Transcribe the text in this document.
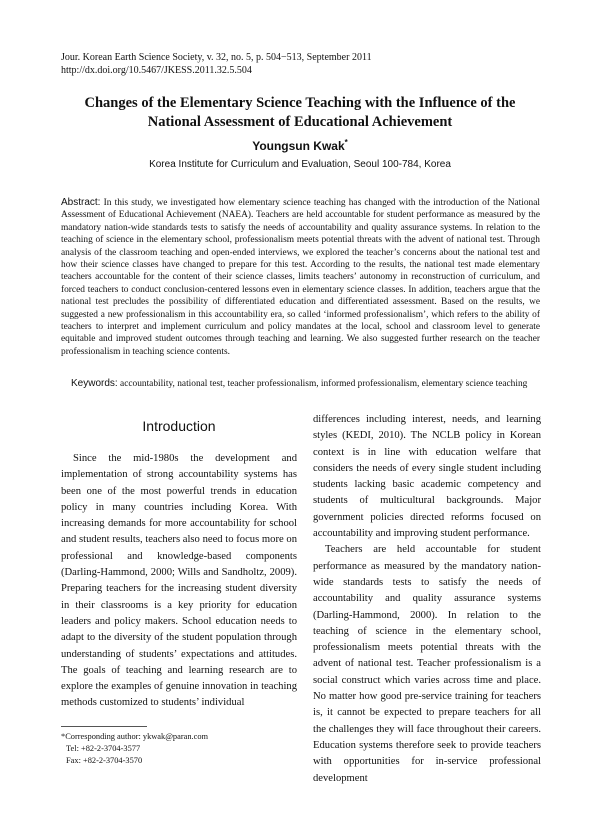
Jour. Korean Earth Science Society, v. 32, no. 5, p. 504−513, September 2011
http://dx.doi.org/10.5467/JKESS.2011.32.5.504
Changes of the Elementary Science Teaching with the Influence of the
National Assessment of Educational Achievement
Youngsun Kwak*
Korea Institute for Curriculum and Evaluation, Seoul 100-784, Korea
Abstract: In this study, we investigated how elementary science teaching has changed with the introduction of the National Assessment of Educational Achievement (NAEA). Teachers are held accountable for student performance as measured by the mandatory nation-wide standards tests to satisfy the needs of accountability and quality assurance systems. In relation to the teaching of science in the elementary school, professionalism meets potential threats with the advent of national test. Through analysis of the classroom teaching and open-ended interviews, we explored the teacher’s concerns about the national test and how their science classes have changed to prepare for this test. According to the results, the national test made elementary teachers accountable for the content of their science classes, limits teachers’ autonomy in reconstruction of curriculum, and forced teachers to conduct conclusion-centered lessons even in elementary science classes. In addition, teachers argue that the national test precludes the possibility of differentiated education and differentiated assessment. Based on the results, we suggested a new professionalism in this accountability era, so called ‘informed professionalism’, which refers to the ability of teachers to interpret and implement curriculum and policy mandates at the local, school and classroom level to generate equitable and improved student outcomes through teaching and learning. We also suggested further research on the teacher professionalism in teaching science contents.
Keywords: accountability, national test, teacher professionalism, informed professionalism, elementary science teaching
Introduction

Since the mid-1980s the development and implementation of strong accountability systems has been one of the most powerful trends in education policy in many countries including Korea. With increasing demands for more accountability for school and student results, teachers also need to focus more on professional and knowledge-based components (Darling-Hammond, 2000; Wills and Sandholtz, 2009). Preparing teachers for the increasing student diversity in their classrooms is a key priority for education leaders and policy makers. School education needs to adapt to the diversity of the student population through understanding of students’ expectations and attitudes. The goals of teaching and learning research are to explore the examples of genuine innovation in teaching methods customized to students’ individual

differences including interest, needs, and learning styles (KEDI, 2010). The NCLB policy in Korean context is in line with education welfare that considers the needs of every single student including students lacking basic academic competency and students of multicultural backgrounds. Major government policies directed reforms focused on accountability and improving student performance.

Teachers are held accountable for student performance as measured by the mandatory nation-wide standards tests to satisfy the needs of accountability and quality assurance systems (Darling-Hammond, 2000). In relation to the teaching of science in the elementary school, professionalism meets potential threats with the advent of national test. Teacher professionalism is a social construct which varies across time and place. No matter how good pre-service training for teachers is, it cannot be expected to prepare teachers for all the challenges they will face throughout their careers. Education systems therefore seek to provide teachers with opportunities for in-service professional development

*Corresponding author: ykwak@paran.com
Tel: +82-2-3704-3577
Fax: +82-2-3704-3570
